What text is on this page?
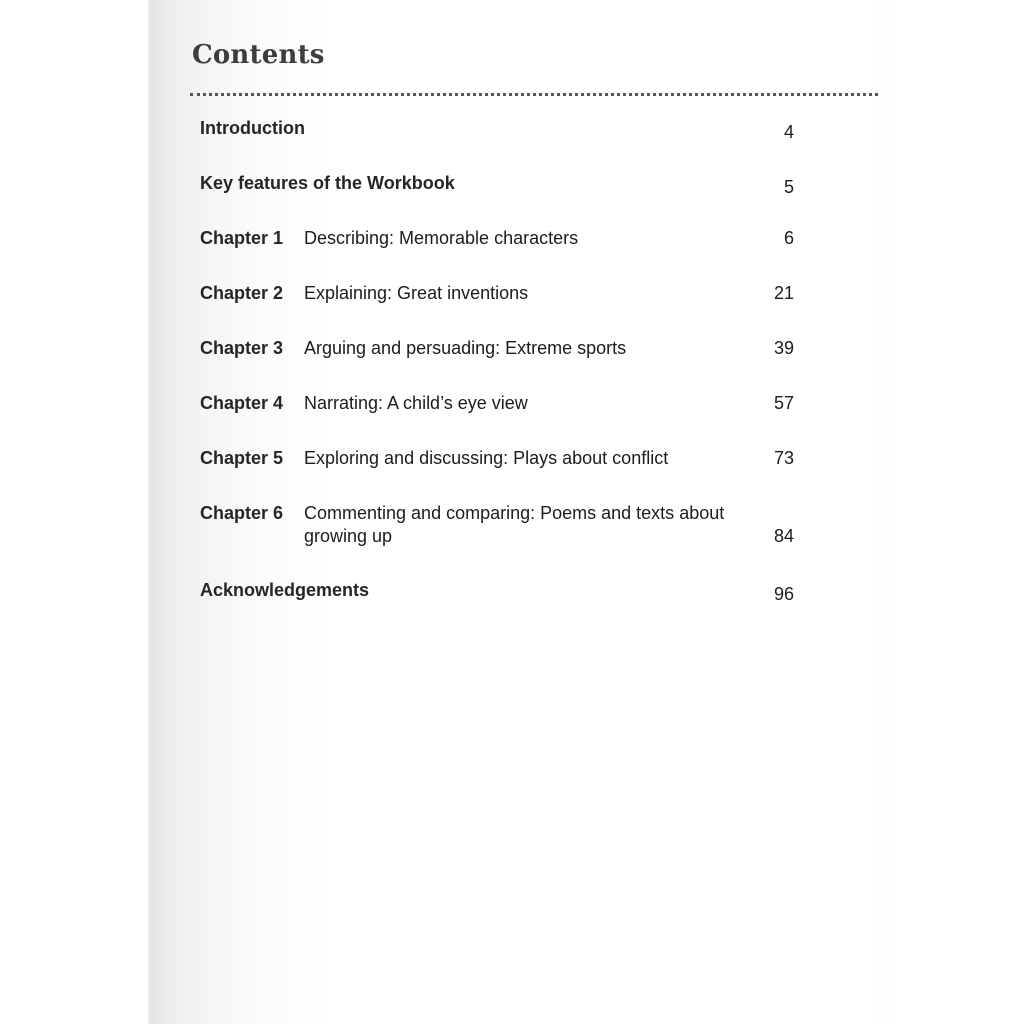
Contents
Introduction	4
Key features of the Workbook	5
Chapter 1 Describing: Memorable characters	6
Chapter 2 Explaining: Great inventions	21
Chapter 3 Arguing and persuading: Extreme sports	39
Chapter 4 Narrating: A child’s eye view	57
Chapter 5 Exploring and discussing: Plays about conflict	73
Chapter 6 Commenting and comparing: Poems and texts about growing up	84
Acknowledgements	96
